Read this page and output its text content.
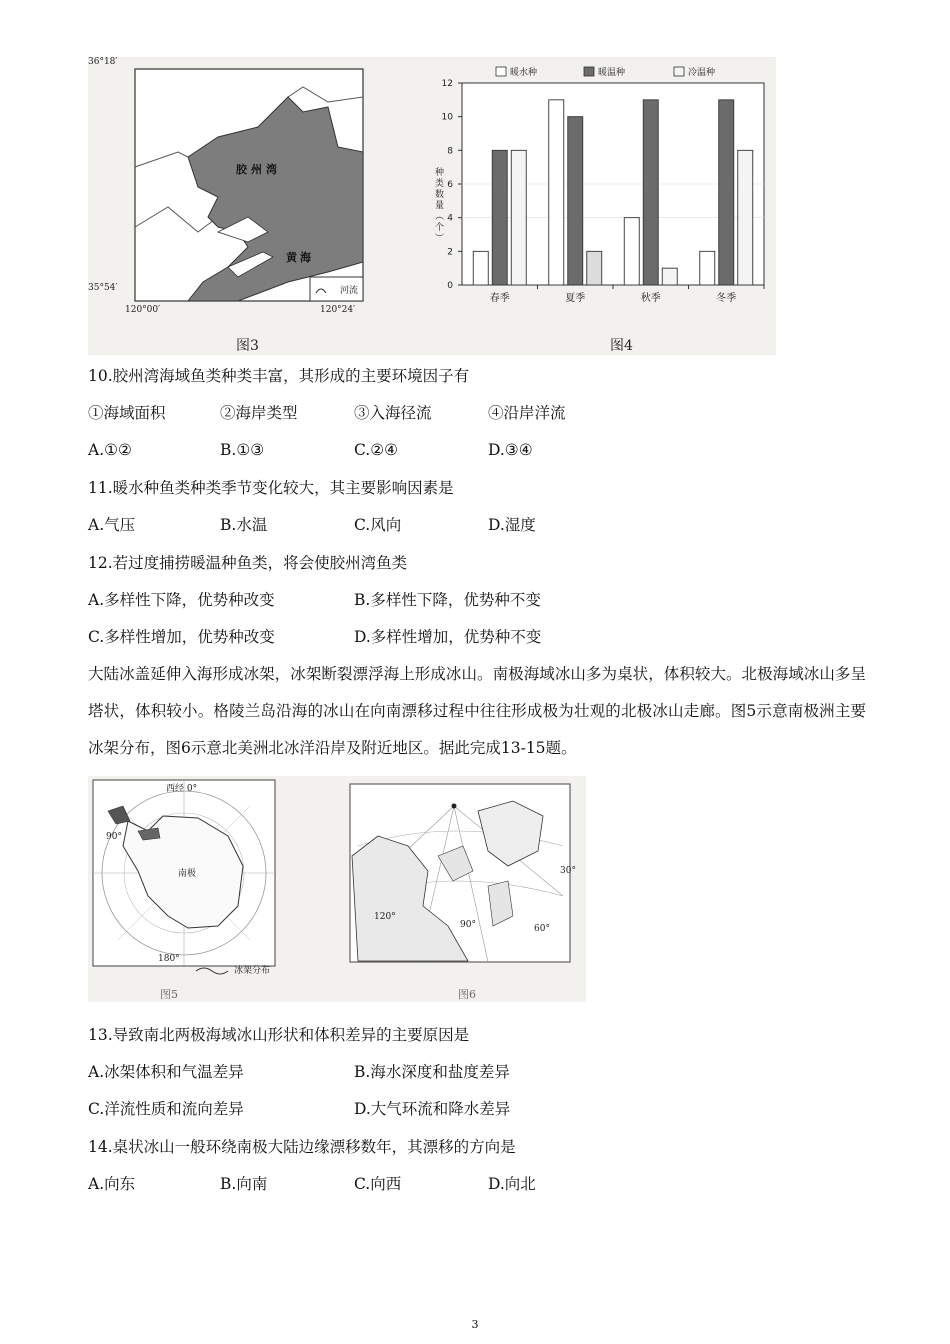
36°18′
35°54′
120°00′	120°24′
胶州湾
黄海
河流
图3
0
2
4
6
8
10
12
春季	夏季	秋季	冬季
暖水种	暖温种	冷温种
种类数量（个）
图4
10.胶州湾海域鱼类种类丰富，其形成的主要环境因子有
①海域面积	②海岸类型	③入海径流	④沿岸洋流
A.①②	B.①③	C.②④	D.③④
11.暖水种鱼类种类季节变化较大，其主要影响因素是
A.气压	B.水温	C.风向	D.湿度
12.若过度捕捞暖温种鱼类，将会使胶州湾鱼类
A.多样性下降，优势种改变	B.多样性下降，优势种不变
C.多样性增加，优势种改变	D.多样性增加，优势种不变
大陆冰盖延伸入海形成冰架，冰架断裂漂浮海上形成冰山。南极海域冰山多为桌状，体积较大。北极海域冰山多呈塔状，体积较小。格陵兰岛沿海的冰山在向南漂移过程中往往形成极为壮观的北极冰山走廊。图5示意南极洲主要冰架分布，图6示意北美洲北冰洋沿岸及附近地区。据此完成13-15题。
西经 0°
90°
南极
180°
冰架分布
图5
120°
90°	60°
30°
图6
13.导致南北两极海域冰山形状和体积差异的主要原因是
A.冰架体积和气温差异	B.海水深度和盐度差异
C.洋流性质和流向差异	D.大气环流和降水差异
14.桌状冰山一般环绕南极大陆边缘漂移数年，其漂移的方向是
A.向东	B.向南	C.向西	D.向北
3
